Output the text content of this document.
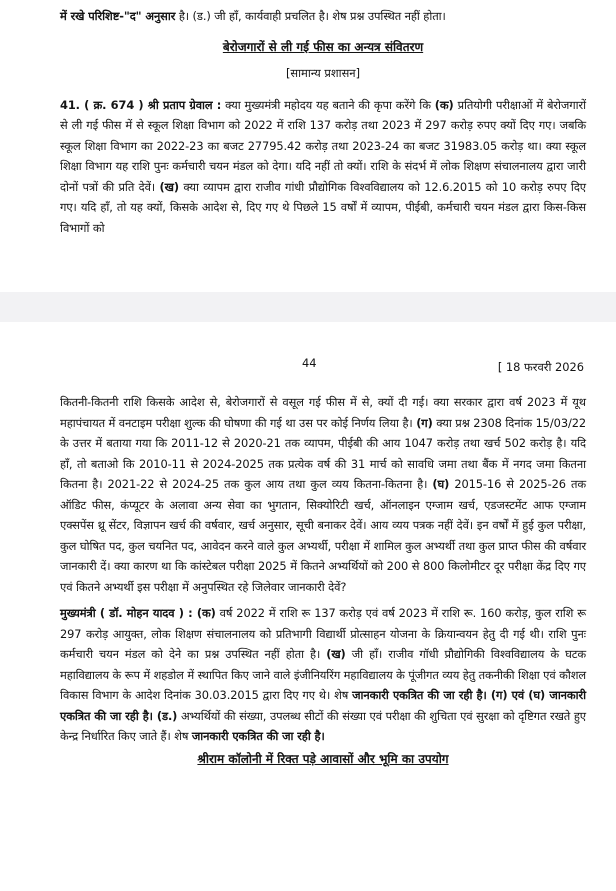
में रखे परिशिष्ट-"द" अनुसार है। (ड.) जी हाँ, कार्यवाही प्रचलित है। शेष प्रश्न उपस्थित नहीं होता।

बेरोजगारों से ली गई फीस का अन्यत्र संवितरण

[सामान्य प्रशासन]

41. ( क्र. 674 ) श्री प्रताप ग्रेवाल : क्या मुख्यमंत्री महोदय यह बताने की कृपा करेंगे कि (क) प्रतियोगी परीक्षाओं में बेरोजगारों से ली गई फीस में से स्कूल शिक्षा विभाग को 2022 में राशि 137 करोड़ तथा 2023 में 297 करोड़ रुपए क्यों दिए गए। जबकि स्कूल शिक्षा विभाग का 2022-23 का बजट 27795.42 करोड़ तथा 2023-24 का बजट 31983.05 करोड़ था। क्या स्कूल शिक्षा विभाग यह राशि पुनः कर्मचारी चयन मंडल को देगा। यदि नहीं तो क्यों। राशि के संदर्भ में लोक शिक्षण संचालनालय द्वारा जारी दोनों पत्रों की प्रति देवें। (ख) क्या व्यापम द्वारा राजीव गांधी प्रौद्योगिक विश्वविद्यालय को 12.6.2015 को 10 करोड़ रुपए दिए गए। यदि हाँ, तो यह क्यों, किसके आदेश से, दिए गए थे पिछले 15 वर्षों में व्यापम, पीईबी, कर्मचारी चयन मंडल द्वारा किस-किस विभागों को

44	[ 18 फरवरी 2026

कितनी-कितनी राशि किसके आदेश से, बेरोजगारों से वसूल गई फीस में से, क्यों दी गई। क्या सरकार द्वारा वर्ष 2023 में यूथ महापंचायत में वनटाइम परीक्षा शुल्क की घोषणा की गई था उस पर कोई निर्णय लिया है। (ग) क्या प्रश्न 2308 दिनांक 15/03/22 के उत्तर में बताया गया कि 2011-12 से 2020-21 तक व्यापम, पीईबी की आय 1047 करोड़ तथा खर्च 502 करोड़ है। यदि हाँ, तो बताओ कि 2010-11 से 2024-2025 तक प्रत्येक वर्ष की 31 मार्च को सावधि जमा तथा बैंक में नगद जमा कितना कितना है। 2021-22 से 2024-25 तक कुल आय तथा कुल व्यय कितना-कितना है। (घ) 2015-16 से 2025-26 तक ऑडिट फीस, कंप्यूटर के अलावा अन्य सेवा का भुगतान, सिक्योरिटी खर्च, ऑनलाइन एग्जाम खर्च, एडजस्टमेंट आफ एग्जाम एक्सपेंस थ्रू सेंटर, विज्ञापन खर्च की वर्षवार, खर्च अनुसार, सूची बनाकर देवें। आय व्यय पत्रक नहीं देवें। इन वर्षों में हुई कुल परीक्षा, कुल घोषित पद, कुल चयनित पद, आवेदन करने वाले कुल अभ्यर्थी, परीक्षा में शामिल कुल अभ्यर्थी तथा कुल प्राप्त फीस की वर्षवार जानकारी दें। क्या कारण था कि कांस्टेबल परीक्षा 2025 में कितने अभ्यर्थियों को 200 से 800 किलोमीटर दूर परीक्षा केंद्र दिए गए एवं कितने अभ्यर्थी इस परीक्षा में अनुपस्थित रहे जिलेवार जानकारी देवें?

मुख्यमंत्री ( डॉ. मोहन यादव ) : (क) वर्ष 2022 में राशि रू 137 करोड़ एवं वर्ष 2023 में राशि रू. 160 करोड़, कुल राशि रू 297 करोड़ आयुक्त, लोक शिक्षण संचालनालय को प्रतिभागी विद्यार्थी प्रोत्साहन योजना के क्रियान्वयन हेतु दी गई थी। राशि पुनः कर्मचारी चयन मंडल को देने का प्रश्न उपस्थित नहीं होता है। (ख) जी हाँ। राजीव गॉधी प्रौद्योगिकी विश्वविद्यालय के घटक महाविद्यालय के रूप में शहडोल में स्थापित किए जाने वाले इंजीनियरिंग महाविद्यालय के पूंजीगत व्यय हेतु तकनीकी शिक्षा एवं कौशल विकास विभाग के आदेश दिनांक 30.03.2015 द्वारा दिए गए थे। शेष जानकारी एकत्रित की जा रही है। (ग) एवं (घ) जानकारी एकत्रित की जा रही है। (ड.) अभ्यर्थियों की संख्या, उपलब्ध सीटों की संख्या एवं परीक्षा की शुचिता एवं सुरक्षा को दृष्टिगत रखते हुए केन्द्र निर्धारित किए जाते हैं। शेष जानकारी एकत्रित की जा रही है।

श्रीराम कॉलोनी में रिक्त पड़े आवासों और भूमि का उपयोग
